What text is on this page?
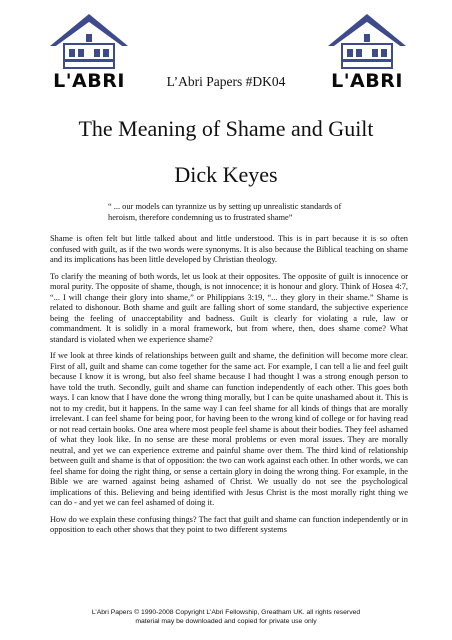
L'ABRI	L’Abri Papers #DK04	L'ABRI
The Meaning of Shame and Guilt
Dick Keyes
“ ... our models can tyrannize us by setting up unrealistic standards of
heroism, therefore condemning us to frustrated shame”

Shame is often felt but little talked about and little understood. This is in part because it is so often confused with guilt, as if the two words were synonyms. It is also because the Biblical teaching on shame and its implications has been little developed by Christian theology.

To clarify the meaning of both words, let us look at their opposites. The opposite of guilt is innocence or moral purity. The opposite of shame, though, is not innocence; it is honour and glory. Think of Hosea 4:7, “... I will change their glory into shame,” or Philippians 3:19, “... they glory in their shame.” Shame is related to dishonour. Both shame and guilt are falling short of some standard, the subjective experience being the feeling of unacceptability and badness. Guilt is clearly for violating a rule, law or commandment. It is solidly in a moral framework, but from where, then, does shame come? What standard is violated when we experience shame?

If we look at three kinds of relationships between guilt and shame, the definition will become more clear. First of all, guilt and shame can come together for the same act. For example, I can tell a lie and feel guilt because I know it is wrong, but also feel shame because I had thought I was a strong enough person to have told the truth. Secondly, guilt and shame can function independently of each other. This goes both ways. I can know that I have done the wrong thing morally, but I can be quite unashamed about it. This is not to my credit, but it happens. In the same way I can feel shame for all kinds of things that are morally irrelevant. I can feel shame for being poor, for having been to the wrong kind of college or for having read or not read certain books. One area where most people feel shame is about their bodies. They feel ashamed of what they look like. In no sense are these moral problems or even moral issues. They are morally neutral, and yet we can experience extreme and painful shame over them. The third kind of relationship between guilt and shame is that of opposition: the two can work against each other. In other words, we can feel shame for doing the right thing, or sense a certain glory in doing the wrong thing. For example, in the Bible we are warned against being ashamed of Christ. We usually do not see the psychological implications of this. Believing and being identified with Jesus Christ is the most morally right thing we can do - and yet we can feel ashamed of doing it.

How do we explain these confusing things? The fact that guilt and shame can function independently or in opposition to each other shows that they point to two different systems

L’Abri Papers © 1990-2008 Copyright L’Abri Fellowship, Greatham UK. all rights reserved
material may be downloaded and copied for private use only
